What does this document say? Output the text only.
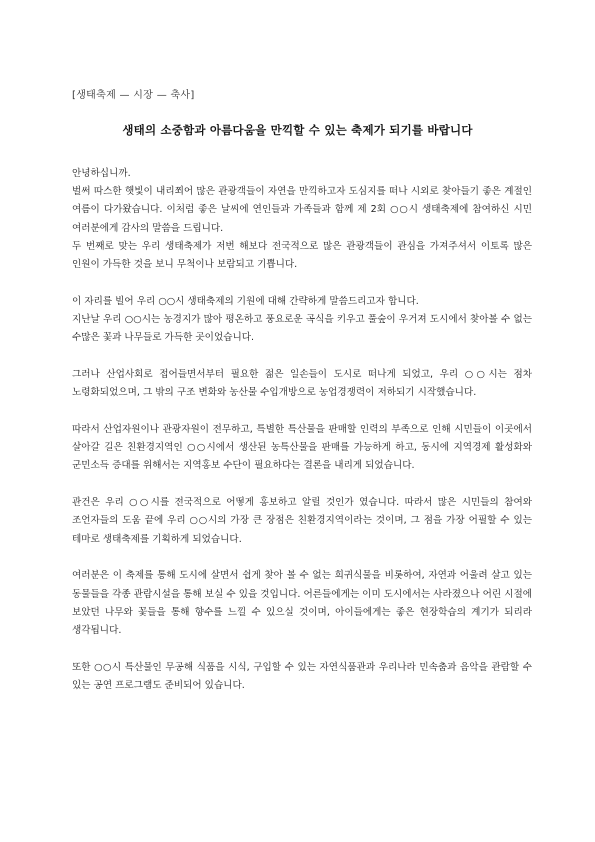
[생태축제 — 시장 — 축사]
생태의 소중함과 아름다움을 만끽할 수 있는 축제가 되기를 바랍니다

안녕하십니까.

벌써 따스한 햇빛이 내리쬐어 많은 관광객들이 자연을 만끽하고자 도심지를 떠나 시외로 찾아들기 좋은 계절인 여름이 다가왔습니다. 이처럼 좋은 날씨에 연인들과 가족들과 함께 제 2회 ○○시 생태축제에 참여하신 시민 여러분에게 감사의 말씀을 드립니다.

두 번째로 맞는 우리 생태축제가 저번 해보다 전국적으로 많은 관광객들이 관심을 가져주셔서 이토록 많은 인원이 가득한 것을 보니 무척이나 보람되고 기쁩니다.

이 자리를 빌어 우리 ○○시 생태축제의 기원에 대해 간략하게 말씀드리고자 합니다.

지난날 우리 ○○시는 농경지가 많아 평온하고 풍요로운 곡식을 키우고 풀숲이 우거져 도시에서 찾아볼 수 없는 수많은 꽃과 나무들로 가득한 곳이었습니다.

그러나 산업사회로 접어들면서부터 필요한 젊은 일손들이 도시로 떠나게 되었고, 우리 ○○시는 점차 노령화되었으며, 그 밖의 구조 변화와 농산물 수입개방으로 농업경쟁력이 저하되기 시작했습니다.

따라서 산업자원이나 관광자원이 전무하고, 특별한 특산물을 판매할 인력의 부족으로 인해 시민들이 이곳에서 살아갈 길은 친환경지역인 ○○시에서 생산된 농특산물을 판매를 가능하게 하고, 동시에 지역경제 활성화와 군민소득 증대를 위해서는 지역홍보 수단이 필요하다는 결론을 내리게 되었습니다.

관건은 우리 ○○시를 전국적으로 어떻게 홍보하고 알릴 것인가 였습니다. 따라서 많은 시민들의 참여와 조언자들의 도움 끝에 우리 ○○시의 가장 큰 장점은 친환경지역이라는 것이며, 그 점을 가장 어필할 수 있는 테마로 생태축제를 기획하게 되었습니다.

여러분은 이 축제를 통해 도시에 살면서 쉽게 찾아 볼 수 없는 희귀식물을 비롯하여, 자연과 어울려 살고 있는 동물들을 각종 관람시설을 통해 보실 수 있을 것입니다. 어른들에게는 이미 도시에서는 사라졌으나 어린 시절에 보았던 나무와 꽃들을 통해 향수를 느낄 수 있으실 것이며, 아이들에게는 좋은 현장학습의 계기가 되리라 생각됩니다.

또한 ○○시 특산물인 무공해 식품을 시식, 구입할 수 있는 자연식품관과 우리나라 민속춤과 음악을 관람할 수 있는 공연 프로그램도 준비되어 있습니다.
